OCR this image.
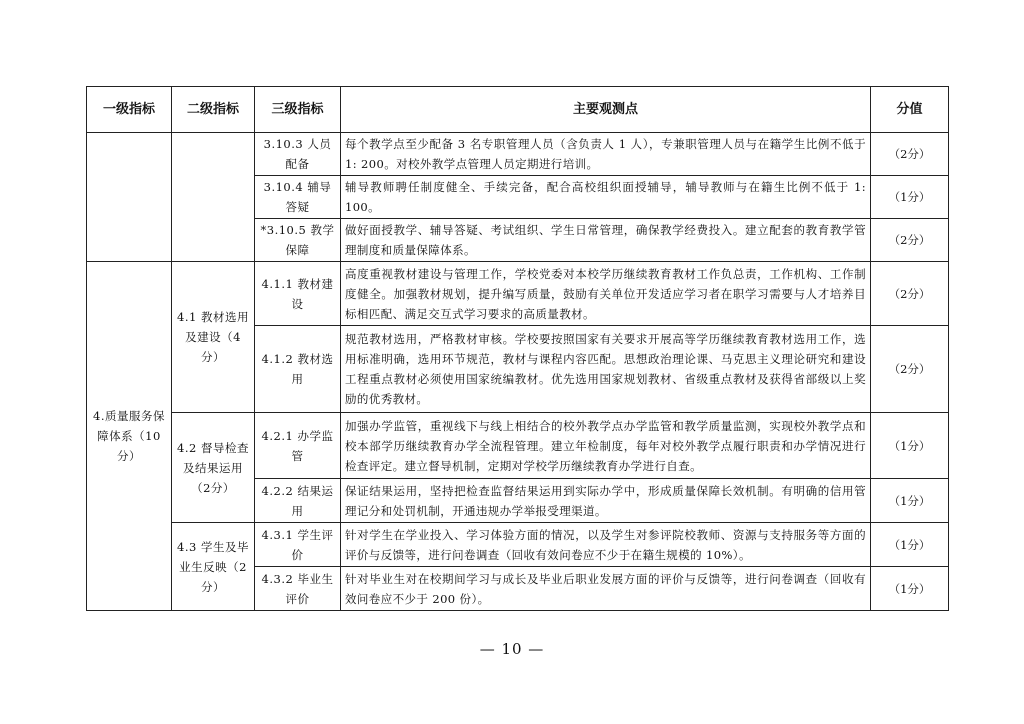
一级指标	二级指标	三级指标	主要观测点	分值
		3.10.3 人员配备	每个教学点至少配备 3 名专职管理人员（含负责人 1 人），专兼职管理人员与在籍学生比例不低于 1: 200。对校外教学点管理人员定期进行培训。	（2分）
		3.10.4 辅导答疑	辅导教师聘任制度健全、手续完备，配合高校组织面授辅导，辅导教师与在籍生比例不低于 1: 100。	（1分）
		*3.10.5 教学保障	做好面授教学、辅导答疑、考试组织、学生日常管理，确保教学经费投入。建立配套的教育教学管理制度和质量保障体系。	（2分）
4.质量服务保障体系（10分）	4.1 教材选用及建设（4分）	4.1.1 教材建设	高度重视教材建设与管理工作，学校党委对本校学历继续教育教材工作负总责，工作机构、工作制度健全。加强教材规划，提升编写质量，鼓励有关单位开发适应学习者在职学习需要与人才培养目标相匹配、满足交互式学习要求的高质量教材。	（2分）
		4.1.2 教材选用	规范教材选用，严格教材审核。学校要按照国家有关要求开展高等学历继续教育教材选用工作，选用标准明确，选用环节规范，教材与课程内容匹配。思想政治理论课、马克思主义理论研究和建设工程重点教材必须使用国家统编教材。优先选用国家规划教材、省级重点教材及获得省部级以上奖励的优秀教材。	（2分）
	4.2 督导检查及结果运用（2分）	4.2.1 办学监管	加强办学监管，重视线下与线上相结合的校外教学点办学监管和教学质量监测，实现校外教学点和校本部学历继续教育办学全流程管理。建立年检制度，每年对校外教学点履行职责和办学情况进行检查评定。建立督导机制，定期对学校学历继续教育办学进行自查。	（1分）
		4.2.2 结果运用	保证结果运用，坚持把检查监督结果运用到实际办学中，形成质量保障长效机制。有明确的信用管理记分和处罚机制，开通违规办学举报受理渠道。	（1分）
	4.3 学生及毕业生反映（2分）	4.3.1 学生评价	针对学生在学业投入、学习体验方面的情况，以及学生对参评院校教师、资源与支持服务等方面的评价与反馈等，进行问卷调查（回收有效问卷应不少于在籍生规模的 10%）。	（1分）
		4.3.2 毕业生评价	针对毕业生对在校期间学习与成长及毕业后职业发展方面的评价与反馈等，进行问卷调查（回收有效问卷应不少于 200 份）。	（1分）
— 10 —
